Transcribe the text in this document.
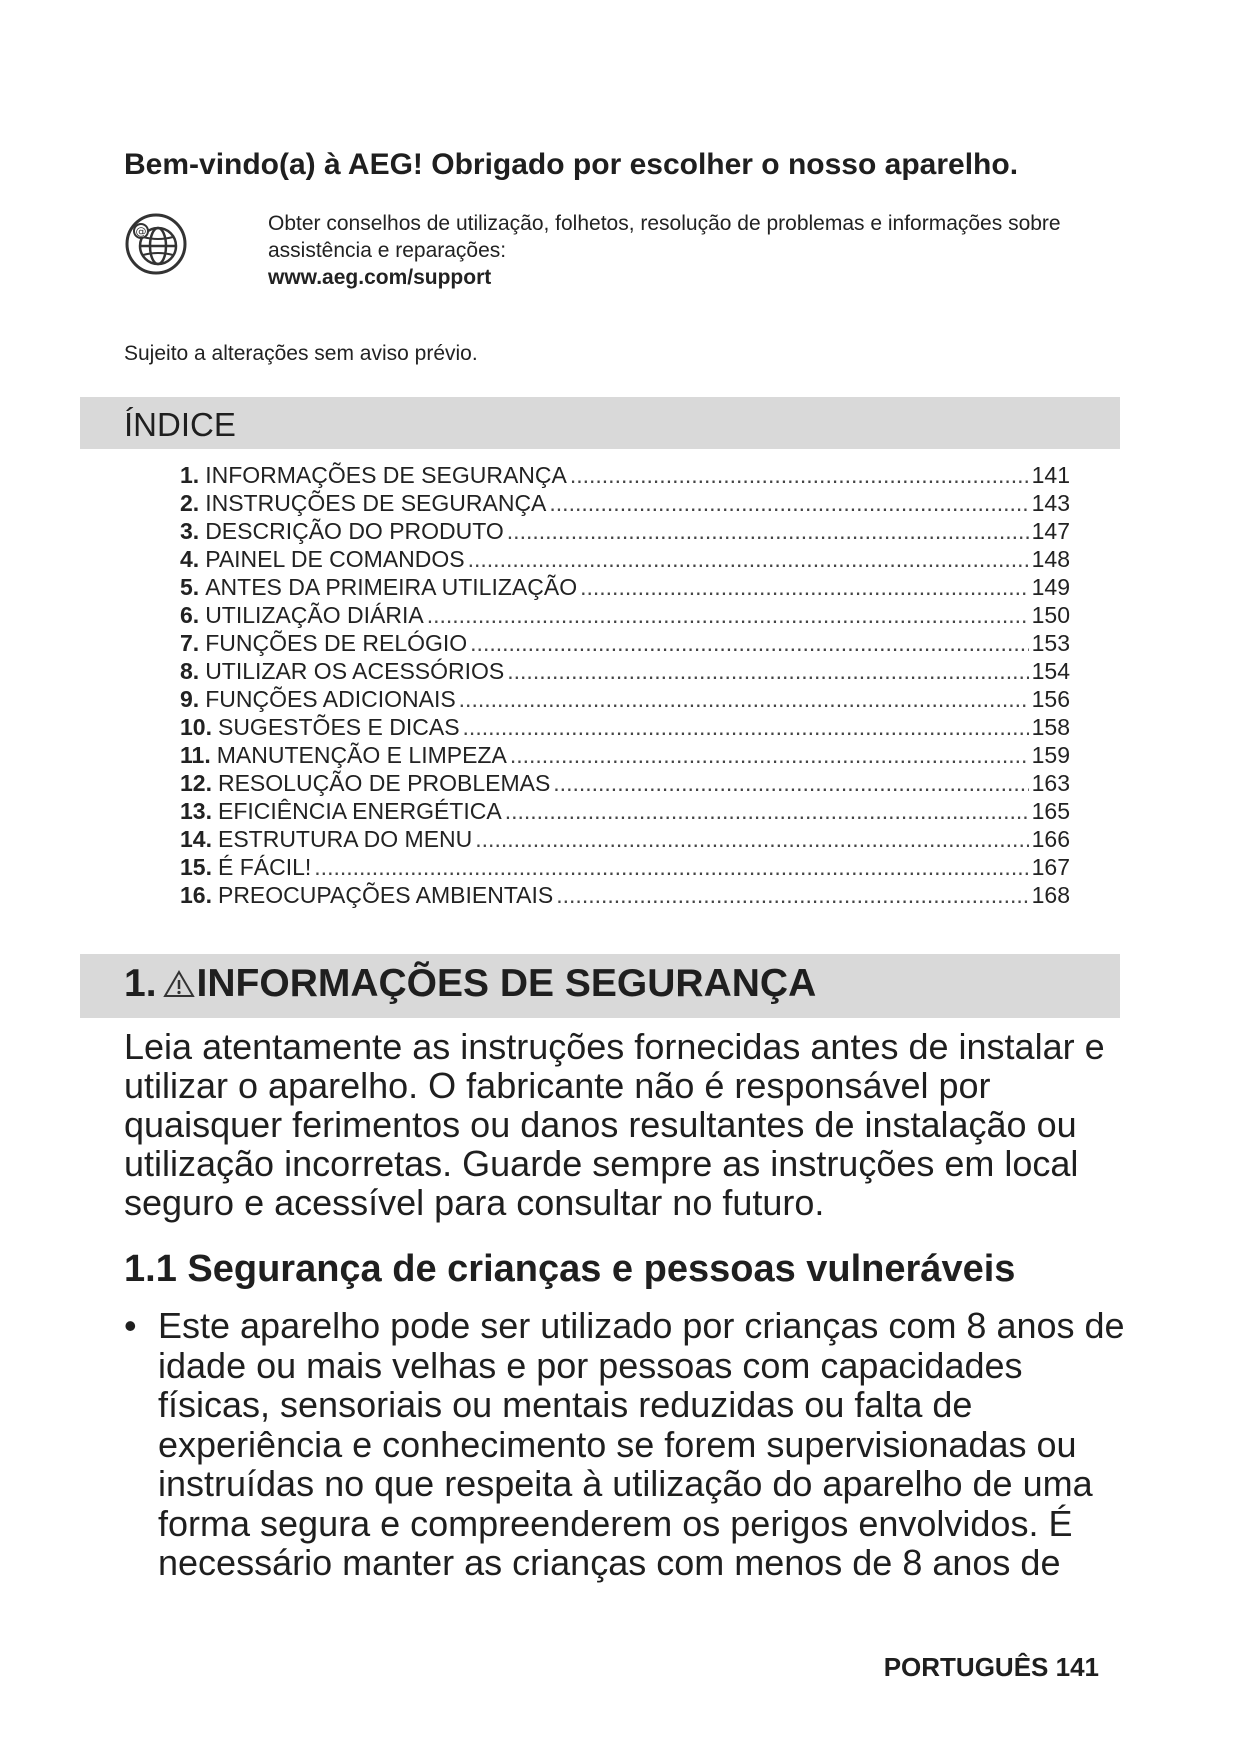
Bem-vindo(a) à AEG! Obrigado por escolher o nosso aparelho.
@	Obter conselhos de utilização, folhetos, resolução de problemas e informações sobre assistência e reparações:
www.aeg.com/support
Sujeito a alterações sem aviso prévio.
ÍNDICE
1. INFORMAÇÕES DE SEGURANÇA .....	141
2. INSTRUÇÕES DE SEGURANÇA .....	143
3. DESCRIÇÃO DO PRODUTO .....	147
4. PAINEL DE COMANDOS .....	148
5. ANTES DA PRIMEIRA UTILIZAÇÃO .....	149
6. UTILIZAÇÃO DIÁRIA .....	150
7. FUNÇÕES DE RELÓGIO .....	153
8. UTILIZAR OS ACESSÓRIOS .....	154
9. FUNÇÕES ADICIONAIS .....	156
10. SUGESTÕES E DICAS .....	158
11. MANUTENÇÃO E LIMPEZA .....	159
12. RESOLUÇÃO DE PROBLEMAS .....	163
13. EFICIÊNCIA ENERGÉTICA .....	165
14. ESTRUTURA DO MENU .....	166
15. É FÁCIL! .....	167
16. PREOCUPAÇÕES AMBIENTAIS .....	168
1. INFORMAÇÕES DE SEGURANÇA
Leia atentamente as instruções fornecidas antes de instalar e utilizar o aparelho. O fabricante não é responsável por quaisquer ferimentos ou danos resultantes de instalação ou utilização incorretas. Guarde sempre as instruções em local seguro e acessível para consultar no futuro.
1.1 Segurança de crianças e pessoas vulneráveis
• Este aparelho pode ser utilizado por crianças com 8 anos de idade ou mais velhas e por pessoas com capacidades físicas, sensoriais ou mentais reduzidas ou falta de experiência e conhecimento se forem supervisionadas ou instruídas no que respeita à utilização do aparelho de uma forma segura e compreenderem os perigos envolvidos. É necessário manter as crianças com menos de 8 anos de
PORTUGUÊS 141
